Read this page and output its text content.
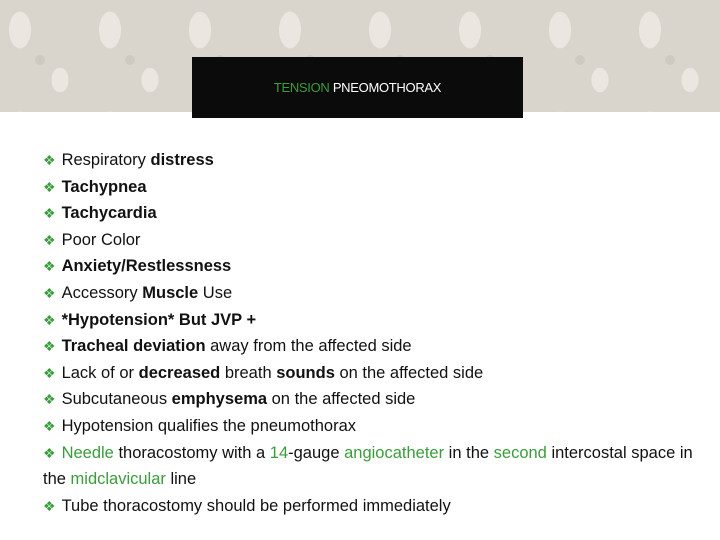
TENSION
PNEOMOTHORAX
❖ Respiratory distress
❖ Tachypnea
❖ Tachycardia
❖ Poor Color
❖ Anxiety/Restlessness
❖ Accessory Muscle Use
❖ *Hypotension* But JVP +
❖ Tracheal deviation away from the affected side
❖ Lack of or decreased breath sounds on the affected side
❖ Subcutaneous emphysema on the affected side
❖ Hypotension qualifies the pneumothorax
❖ Needle thoracostomy with a 14-gauge angiocatheter in the second intercostal space in the midclavicular line
❖ Tube thoracostomy should be performed immediately
